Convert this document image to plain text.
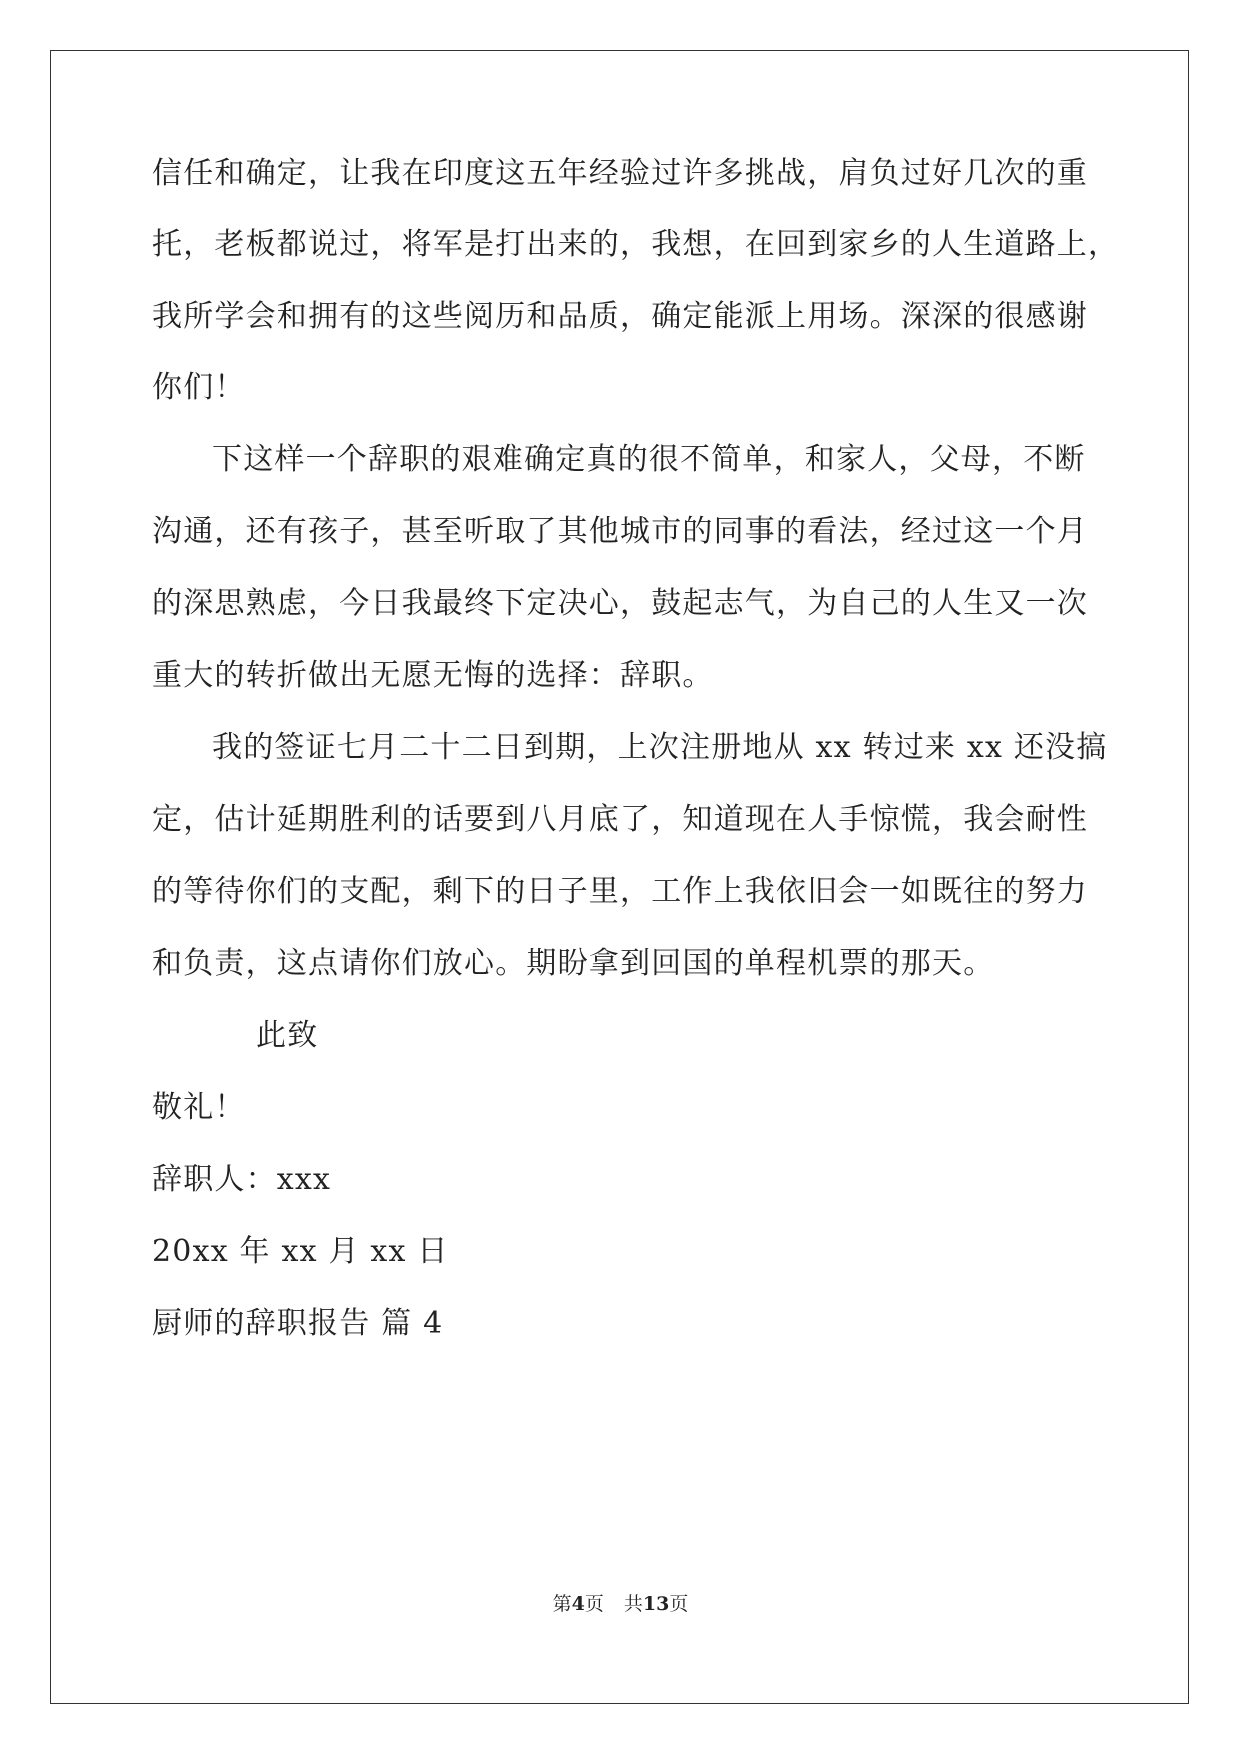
信任和确定，让我在印度这五年经验过许多挑战，肩负过好几次的重
托，老板都说过，将军是打出来的，我想，在回到家乡的人生道路上，
我所学会和拥有的这些阅历和品质，确定能派上用场。深深的很感谢
你们！
下这样一个辞职的艰难确定真的很不简单，和家人，父母，不断
沟通，还有孩子，甚至听取了其他城市的同事的看法，经过这一个月
的深思熟虑，今日我最终下定决心，鼓起志气，为自己的人生又一次
重大的转折做出无愿无悔的选择：辞职。
我的签证七月二十二日到期，上次注册地从 xx 转过来 xx 还没搞
定，估计延期胜利的话要到八月底了，知道现在人手惊慌，我会耐性
的等待你们的支配，剩下的日子里，工作上我依旧会一如既往的努力
和负责，这点请你们放心。期盼拿到回国的单程机票的那天。
此致
敬礼！
辞职人：xxx
20xx 年 xx 月 xx 日
厨师的辞职报告 篇 4
第4页 共13页
